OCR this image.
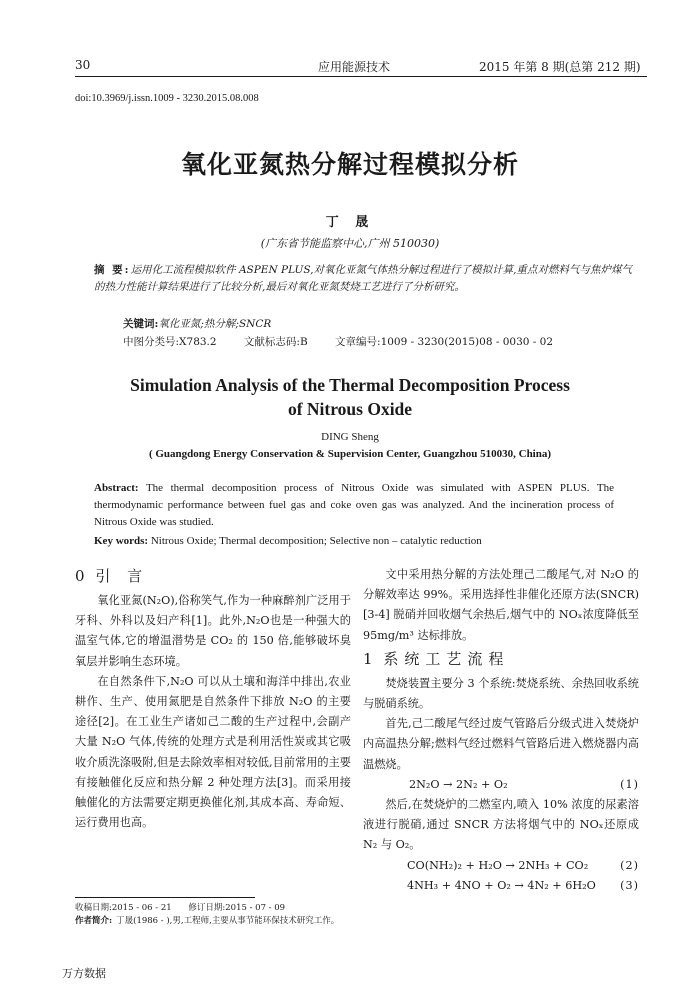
30	应用能源技术	2015 年第 8 期(总第 212 期)
doi:10.3969/j.issn.1009 - 3230.2015.08.008
氧化亚氮热分解过程模拟分析
丁 晟
(广东省节能监察中心,广州 510030)
摘 要:运用化工流程模拟软件 ASPEN PLUS,对氧化亚氮气体热分解过程进行了模拟计算,重点对燃料气与焦炉煤气的热力性能计算结果进行了比较分析,最后对氧化亚氮焚烧工艺进行了分析研究。
关键词:氧化亚氮;热分解;SNCR
中图分类号:X783.2	文献标志码:B	文章编号:1009 - 3230(2015)08 - 0030 - 02
Simulation Analysis of the Thermal Decomposition Process
of Nitrous Oxide
DING Sheng
( Guangdong Energy Conservation & Supervision Center, Guangzhou 510030, China)
Abstract: The thermal decomposition process of Nitrous Oxide was simulated with ASPEN PLUS. The thermodynamic performance between fuel gas and coke oven gas was analyzed. And the incineration process of Nitrous Oxide was studied.
Key words: Nitrous Oxide; Thermal decomposition; Selective non – catalytic reduction

0 引 言

氧化亚氮(N₂O),俗称笑气,作为一种麻醉剂广泛用于牙科、外科以及妇产科[1]。此外,N₂O也是一种强大的温室气体,它的增温潜势是 CO₂ 的 150 倍,能够破坏臭氧层并影响生态环境。

在自然条件下,N₂O 可以从土壤和海洋中排出,农业耕作、生产、使用氮肥是自然条件下排放 N₂O 的主要途径[2]。在工业生产诸如己二酸的生产过程中,会副产大量 N₂O 气体,传统的处理方式是利用活性炭或其它吸收介质洗涤吸附,但是去除效率相对较低,目前常用的主要有接触催化反应和热分解 2 种处理方法[3]。而采用接触催化的方法需要定期更换催化剂,其成本高、寿命短、运行费用也高。

文中采用热分解的方法处理己二酸尾气,对 N₂O 的分解效率达 99%。采用选择性非催化还原方法(SNCR)[3-4] 脱硝并回收烟气余热后,烟气中的 NOₓ浓度降低至 95mg/m³ 达标排放。

1 系统工艺流程

焚烧装置主要分 3 个系统:焚烧系统、余热回收系统与脱硝系统。

首先,己二酸尾气经过废气管路后分级式进入焚烧炉内高温热分解;燃料气经过燃料气管路后进入燃烧器内高温燃烧。

2N₂O → 2N₂ + O₂	(1)

然后,在焚烧炉的二燃室内,喷入 10% 浓度的尿素溶液进行脱硝,通过 SNCR 方法将烟气中的 NOₓ还原成 N₂ 与 O₂。

CO(NH₂)₂ + H₂O → 2NH₃ + CO₂	(2)

4NH₃ + 4NO + O₂ → 4N₂ + 6H₂O (3)

收稿日期:2015 - 06 - 21 修订日期:2015 - 07 - 09
作者简介: 丁晟(1986 - ),男,工程师,主要从事节能环保技术研究工作。
万方数据
